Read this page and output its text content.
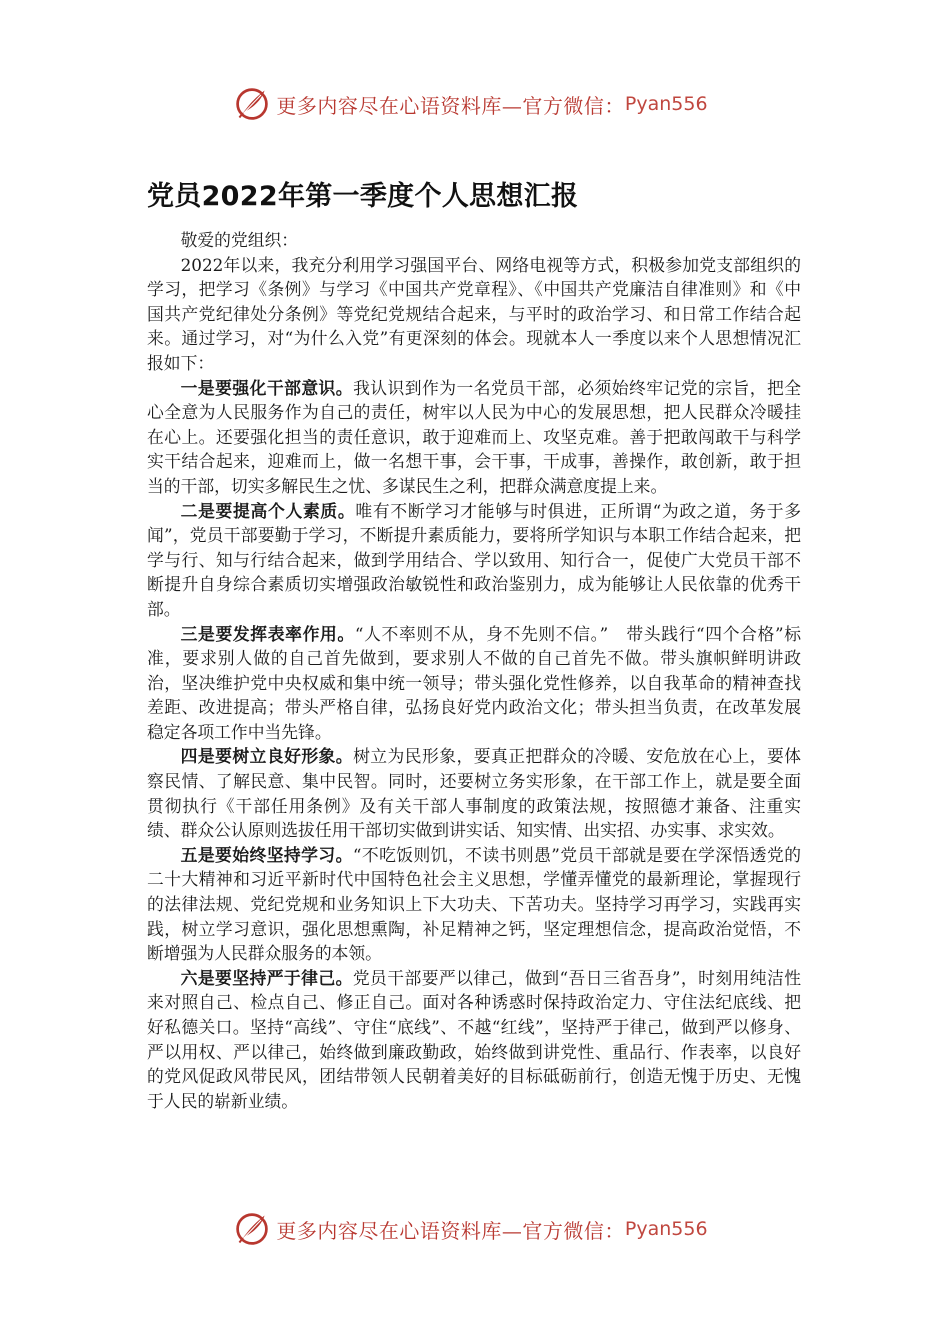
更多内容尽在心语资料库—官方微信： Pyan556
党员2022年第一季度个人思想汇报

敬爱的党组织：

2022年以来，我充分利用学习强国平台、网络电视等方式，积极参加党支部组织的学习，把学习《条例》与学习《中国共产党章程》、《中国共产党廉洁自律准则》和《中国共产党纪律处分条例》等党纪党规结合起来，与平时的政治学习、和日常工作结合起来。通过学习，对“为什么入党”有更深刻的体会。现就本人一季度以来个人思想情况汇报如下：

一是要强化干部意识。我认识到作为一名党员干部，必须始终牢记党的宗旨，把全心全意为人民服务作为自己的责任，树牢以人民为中心的发展思想，把人民群众冷暖挂在心上。还要强化担当的责任意识，敢于迎难而上、攻坚克难。善于把敢闯敢干与科学实干结合起来，迎难而上，做一名想干事，会干事，干成事，善操作，敢创新，敢于担当的干部，切实多解民生之忧、多谋民生之利，把群众满意度提上来。

二是要提高个人素质。唯有不断学习才能够与时俱进，正所谓“为政之道，务于多闻”，党员干部要勤于学习，不断提升素质能力，要将所学知识与本职工作结合起来，把学与行、知与行结合起来，做到学用结合、学以致用、知行合一，促使广大党员干部不断提升自身综合素质切实增强政治敏锐性和政治鉴别力，成为能够让人民依靠的优秀干部。

三是要发挥表率作用。“人不率则不从，身不先则不信。”　带头践行“四个合格”标准，要求别人做的自己首先做到，要求别人不做的自己首先不做。带头旗帜鲜明讲政治，坚决维护党中央权威和集中统一领导；带头强化党性修养，以自我革命的精神查找差距、改进提高；带头严格自律，弘扬良好党内政治文化；带头担当负责，在改革发展稳定各项工作中当先锋。

四是要树立良好形象。树立为民形象，要真正把群众的冷暖、安危放在心上，要体察民情、了解民意、集中民智。同时，还要树立务实形象，在干部工作上，就是要全面贯彻执行《干部任用条例》及有关干部人事制度的政策法规，按照德才兼备、注重实绩、群众公认原则选拔任用干部切实做到讲实话、知实情、出实招、办实事、求实效。

五是要始终坚持学习。“不吃饭则饥，不读书则愚”党员干部就是要在学深悟透党的二十大精神和习近平新时代中国特色社会主义思想，学懂弄懂党的最新理论，掌握现行的法律法规、党纪党规和业务知识上下大功夫、下苦功夫。坚持学习再学习，实践再实践，树立学习意识，强化思想熏陶，补足精神之钙，坚定理想信念，提高政治觉悟，不断增强为人民群众服务的本领。

六是要坚持严于律己。党员干部要严以律己，做到“吾日三省吾身”，时刻用纯洁性来对照自己、检点自己、修正自己。面对各种诱惑时保持政治定力、守住法纪底线、把好私德关口。坚持“高线”、守住“底线”、不越“红线”，坚持严于律己，做到严以修身、严以用权、严以律己，始终做到廉政勤政，始终做到讲党性、重品行、作表率，以良好的党风促政风带民风，团结带领人民朝着美好的目标砥砺前行，创造无愧于历史、无愧于人民的崭新业绩。

更多内容尽在心语资料库—官方微信： Pyan556
